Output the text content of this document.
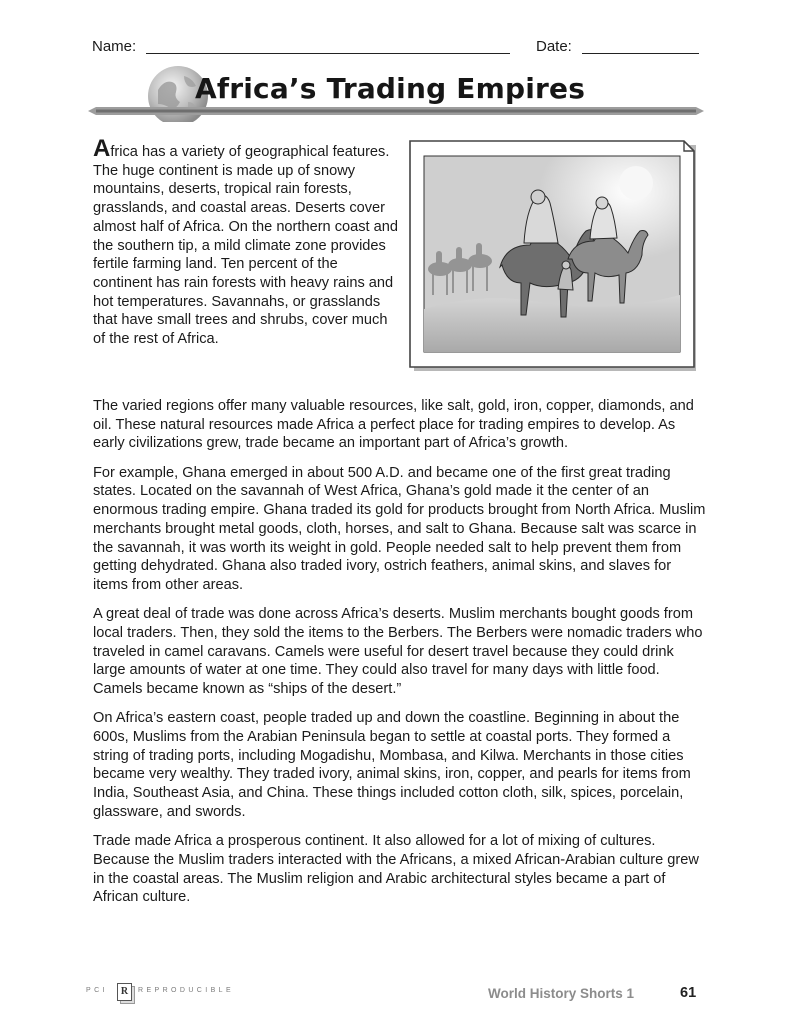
Name:	Date:
Africa’s Trading Empires

Africa has a variety of geographical features. The huge continent is made up of snowy mountains, deserts, tropical rain forests, grasslands, and coastal areas. Deserts cover almost half of Africa. On the northern coast and the southern tip, a mild climate zone provides fertile farming land. Ten percent of the continent has rain forests with heavy rains and hot temperatures. Savannahs, or grasslands that have small trees and shrubs, cover much of the rest of Africa.

The varied regions offer many valuable resources, like salt, gold, iron, copper, diamonds, and oil. These natural resources made Africa a perfect place for trading empires to develop. As early civilizations grew, trade became an important part of Africa’s growth.

For example, Ghana emerged in about 500 A.D. and became one of the first great trading states. Located on the savannah of West Africa, Ghana’s gold made it the center of an enormous trading empire. Ghana traded its gold for products brought from North Africa. Muslim merchants brought metal goods, cloth, horses, and salt to Ghana. Because salt was scarce in the savannah, it was worth its weight in gold. People needed salt to help prevent them from getting dehydrated. Ghana also traded ivory, ostrich feathers, animal skins, and slaves for items from other areas.

A great deal of trade was done across Africa’s deserts. Muslim merchants bought goods from local traders. Then, they sold the items to the Berbers. The Berbers were nomadic traders who traveled in camel caravans. Camels were useful for desert travel because they could drink large amounts of water at one time. They could also travel for many days with little food. Camels became known as “ships of the desert.”

On Africa’s eastern coast, people traded up and down the coastline. Beginning in about the 600s, Muslims from the Arabian Peninsula began to settle at coastal ports. They formed a string of trading ports, including Mogadishu, Mombasa, and Kilwa. Merchants in those cities became very wealthy. They traded ivory, animal skins, iron, copper, and pearls for items from India, Southeast Asia, and China. These things included cotton cloth, silk, spices, porcelain, glassware, and swords.

Trade made Africa a prosperous continent. It also allowed for a lot of mixing of cultures. Because the Muslim traders interacted with the Africans, a mixed African-Arabian culture grew in the coastal areas. The Muslim religion and Arabic architectural styles became a part of African culture.

PCI	R	REPRODUCIBLE	World History Shorts 1	61
